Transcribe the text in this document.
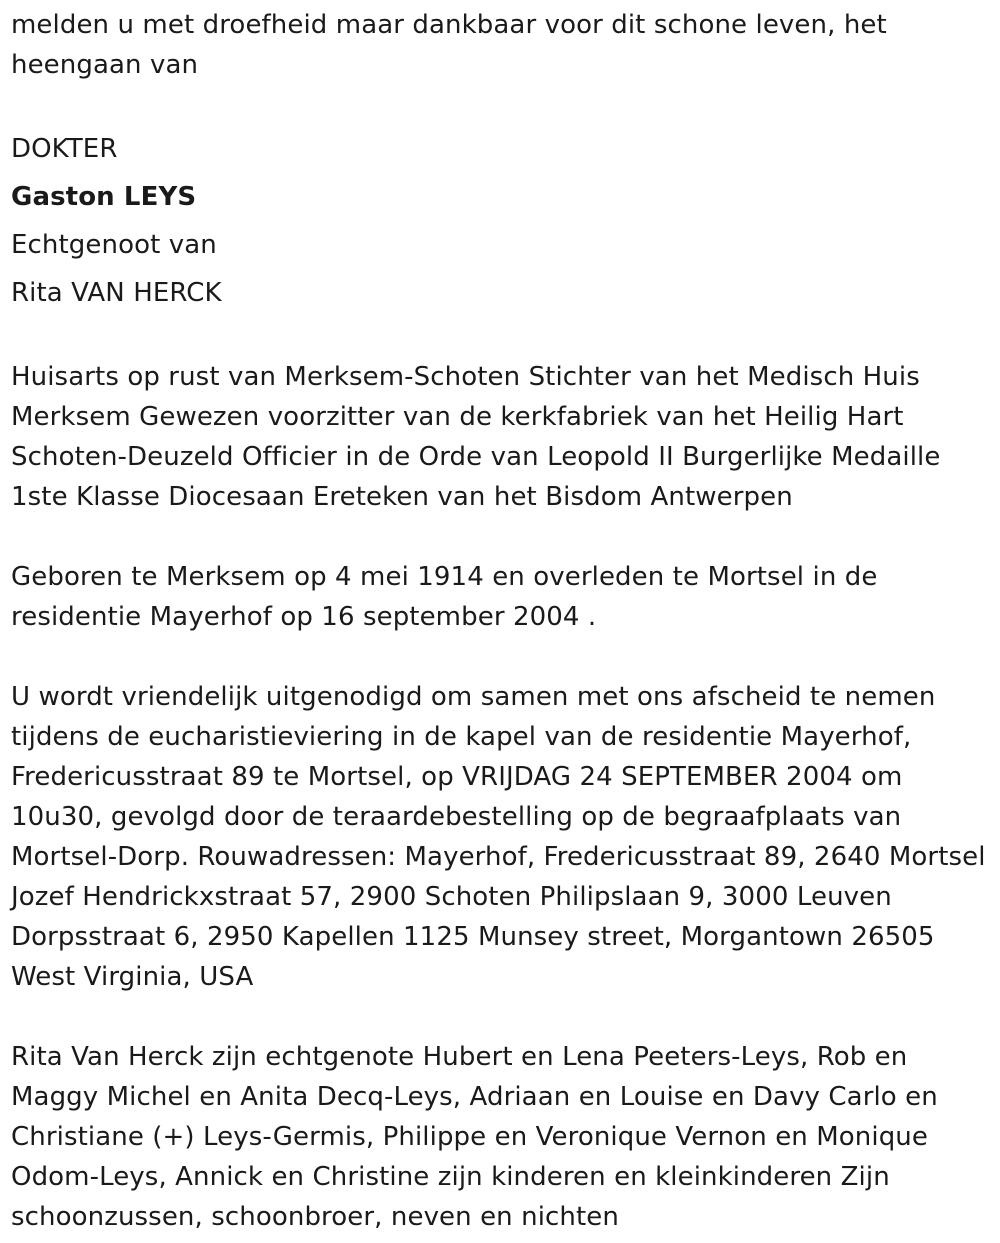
melden u met droefheid maar dankbaar voor dit schone leven, het heengaan van

DOKTER

Gaston LEYS

Echtgenoot van

Rita VAN HERCK

Huisarts op rust van Merksem-Schoten Stichter van het Medisch Huis Merksem Gewezen voorzitter van de kerkfabriek van het Heilig Hart Schoten-Deuzeld Officier in de Orde van Leopold II Burgerlijke Medaille 1ste Klasse Diocesaan Ereteken van het Bisdom Antwerpen

Geboren te Merksem op 4 mei 1914 en overleden te Mortsel in de residentie Mayerhof op 16 september 2004 .

U wordt vriendelijk uitgenodigd om samen met ons afscheid te nemen tijdens de eucharistieviering in de kapel van de residentie Mayerhof, Fredericusstraat 89 te Mortsel, op VRIJDAG 24 SEPTEMBER 2004 om 10u30, gevolgd door de teraardebestelling op de begraafplaats van Mortsel-Dorp. Rouwadressen: Mayerhof, Fredericusstraat 89, 2640 Mortsel Jozef Hendrickxstraat 57, 2900 Schoten Philipslaan 9, 3000 Leuven Dorpsstraat 6, 2950 Kapellen 1125 Munsey street, Morgantown 26505 West Virginia, USA

Rita Van Herck zijn echtgenote Hubert en Lena Peeters-Leys, Rob en Maggy Michel en Anita Decq-Leys, Adriaan en Louise en Davy Carlo en Christiane (+) Leys-Germis, Philippe en Veronique Vernon en Monique Odom-Leys, Annick en Christine zijn kinderen en kleinkinderen Zijn schoonzussen, schoonbroer, neven en nichten
